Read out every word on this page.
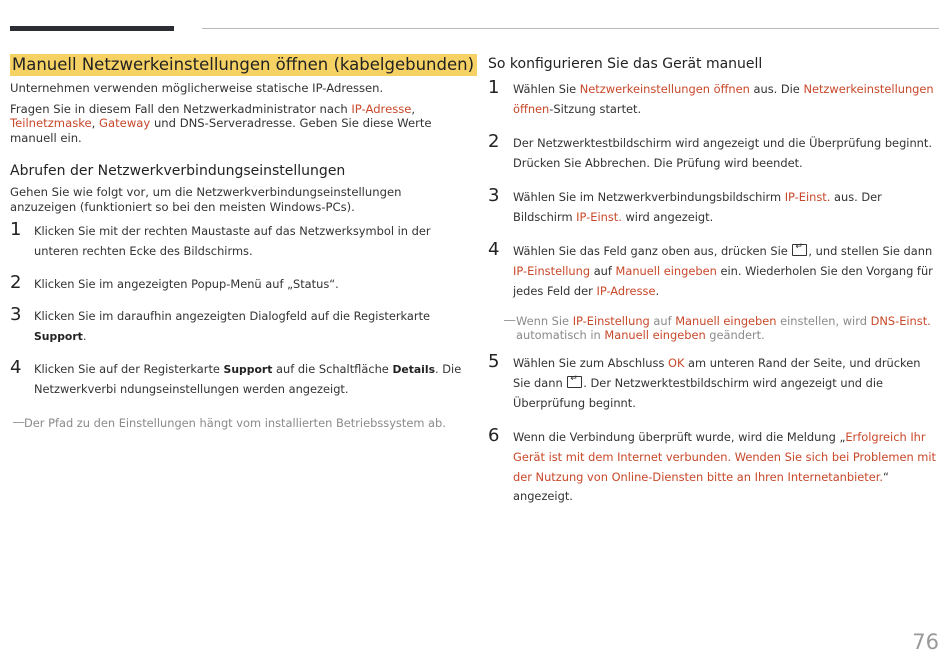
Manuell Netzwerkeinstellungen öffnen (kabelgebunden)

Unternehmen verwenden möglicherweise statische IP-Adressen.

Fragen Sie in diesem Fall den Netzwerkadministrator nach IP-Adresse, Teilnetzmaske, Gateway und DNS-Serveradresse. Geben Sie diese Werte manuell ein.

Abrufen der Netzwerkverbindungseinstellungen

Gehen Sie wie folgt vor, um die Netzwerkverbindungseinstellungen anzuzeigen (funktioniert so bei den meisten Windows-PCs).

1 Klicken Sie mit der rechten Maustaste auf das Netzwerksymbol in der unteren rechten Ecke des Bildschirms.
2 Klicken Sie im angezeigten Popup-Menü auf „Status“.
3 Klicken Sie im daraufhin angezeigten Dialogfeld auf die Registerkarte Support.
4 Klicken Sie auf der Registerkarte Support auf die Schaltfläche Details. Die Netzwerkverbi ndungseinstellungen werden angezeigt.
― Der Pfad zu den Einstellungen hängt vom installierten Betriebssystem ab.
So konfigurieren Sie das Gerät manuell
1 Wählen Sie Netzwerkeinstellungen öffnen aus. Die Netzwerkeinstellungen öffnen-Sitzung startet.
2 Der Netzwerktestbildschirm wird angezeigt und die Überprüfung beginnt. Drücken Sie Abbrechen. Die Prüfung wird beendet.
3 Wählen Sie im Netzwerkverbindungsbildschirm IP-Einst. aus. Der Bildschirm IP-Einst. wird angezeigt.
4 Wählen Sie das Feld ganz oben aus, drücken Sie ↵, und stellen Sie dann IP-Einstellung auf Manuell eingeben ein. Wiederholen Sie den Vorgang für jedes Feld der IP-Adresse.
― Wenn Sie IP-Einstellung auf Manuell eingeben einstellen, wird DNS-Einst. automatisch in Manuell eingeben geändert.
5 Wählen Sie zum Abschluss OK am unteren Rand der Seite, und drücken Sie dann ↵. Der Netzwerktestbildschirm wird angezeigt und die Überprüfung beginnt.
6 Wenn die Verbindung überprüft wurde, wird die Meldung „Erfolgreich Ihr Gerät ist mit dem Internet verbunden. Wenden Sie sich bei Problemen mit der Nutzung von Online-Diensten bitte an Ihren Internetanbieter.“ angezeigt.
76
